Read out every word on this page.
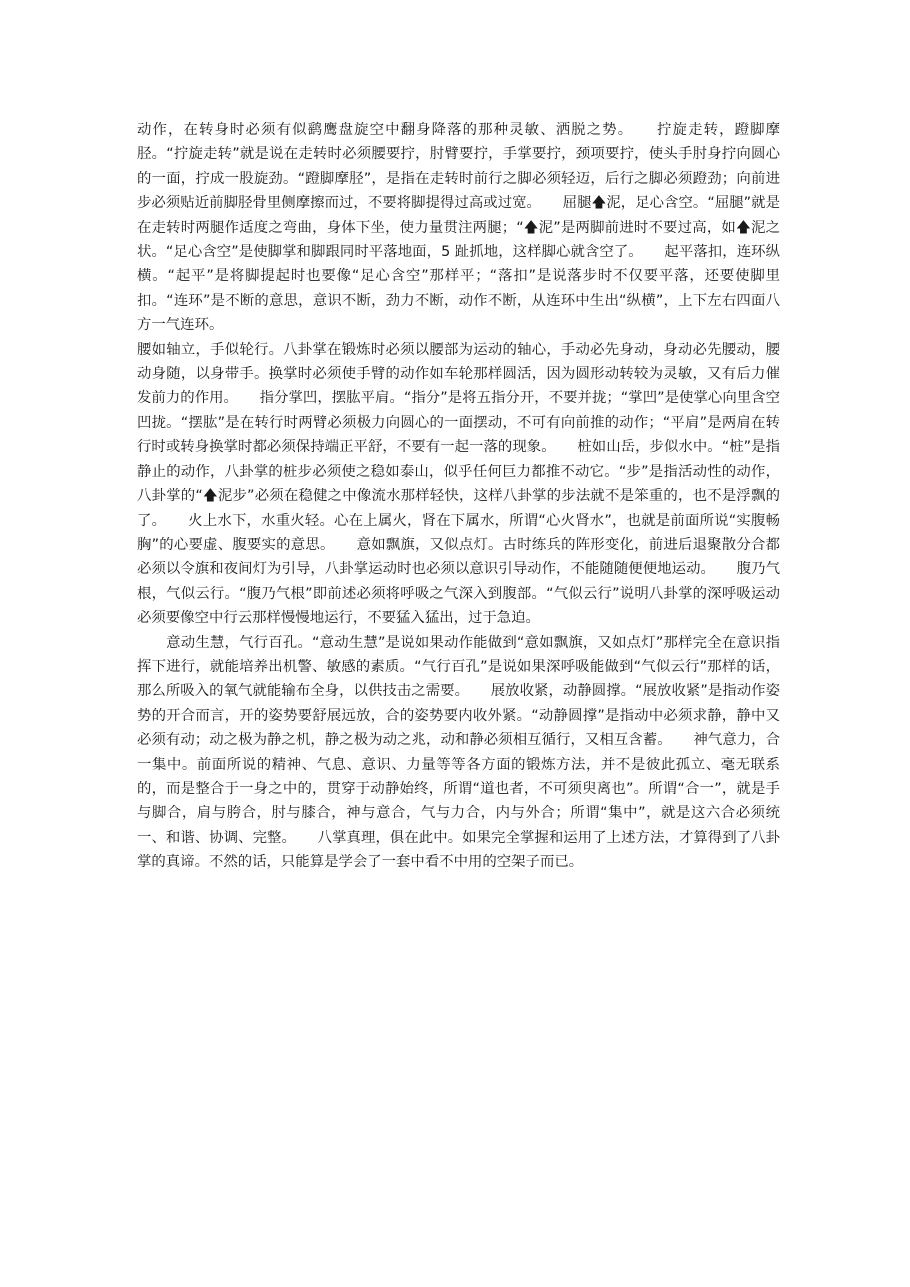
动作，在转身时必须有似鹞鹰盘旋空中翻身降落的那种灵敏、洒脱之势。　　拧旋走转，蹬脚摩胫。“拧旋走转”就是说在走转时必须腰要拧，肘臂要拧，手掌要拧，颈项要拧，使头手肘身拧向圆心的一面，拧成一股旋劲。“蹬脚摩胫”，是指在走转时前行之脚必须轻迈，后行之脚必须蹬劲；向前进步必须贴近前脚胫骨里侧摩擦而过，不要将脚提得过高或过宽。　　屈腿🡅泥，足心含空。“屈腿”就是在走转时两腿作适度之弯曲，身体下坐，使力量贯注两腿；“🡅泥”是两脚前进时不要过高，如🡅泥之状。“足心含空”是使脚掌和脚跟同时平落地面，5 趾抓地，这样脚心就含空了。　　起平落扣，连环纵横。“起平”是将脚提起时也要像“足心含空”那样平；“落扣”是说落步时不仅要平落，还要使脚里扣。“连环”是不断的意思，意识不断，劲力不断，动作不断，从连环中生出“纵横”，上下左右四面八方一气连环。

腰如轴立，手似轮行。八卦掌在锻炼时必须以腰部为运动的轴心，手动必先身动，身动必先腰动，腰动身随，以身带手。换掌时必须使手臂的动作如车轮那样圆活，因为圆形动转较为灵敏，又有后力催发前力的作用。　　指分掌凹，摆肱平肩。“指分”是将五指分开，不要并拢；“掌凹”是使掌心向里含空凹拢。“摆肱”是在转行时两臂必须极力向圆心的一面摆动，不可有向前推的动作；“平肩”是两肩在转行时或转身换掌时都必须保持端正平舒，不要有一起一落的现象。　　桩如山岳，步似水中。“桩”是指静止的动作，八卦掌的桩步必须使之稳如泰山，似乎任何巨力都推不动它。“步”是指活动性的动作，八卦掌的“🡅泥步”必须在稳健之中像流水那样轻快，这样八卦掌的步法就不是笨重的，也不是浮飘的了。　　火上水下，水重火轻。心在上属火，肾在下属水，所谓“心火肾水”，也就是前面所说“实腹畅胸”的心要虚、腹要实的意思。　　意如飘旗，又似点灯。古时练兵的阵形变化，前进后退聚散分合都必须以令旗和夜间灯为引导，八卦掌运动时也必须以意识引导动作，不能随随便便地运动。　　腹乃气根，气似云行。“腹乃气根”即前述必须将呼吸之气深入到腹部。“气似云行”说明八卦掌的深呼吸运动必须要像空中行云那样慢慢地运行，不要猛入猛出，过于急迫。

　　意动生慧，气行百孔。“意动生慧”是说如果动作能做到“意如飘旗，又如点灯”那样完全在意识指挥下进行，就能培养出机警、敏感的素质。“气行百孔”是说如果深呼吸能做到“气似云行”那样的话，那么所吸入的氧气就能输布全身，以供技击之需要。　　展放收紧，动静圆撑。“展放收紧”是指动作姿势的开合而言，开的姿势要舒展远放，合的姿势要内收外紧。“动静圆撑”是指动中必须求静，静中又必须有动；动之极为静之机，静之极为动之兆，动和静必须相互循行，又相互含蓄。　　神气意力，合一集中。前面所说的精神、气息、意识、力量等等各方面的锻炼方法，并不是彼此孤立、毫无联系的，而是整合于一身之中的，贯穿于动静始终，所谓“道也者，不可须臾离也”。所谓“合一”，就是手与脚合，肩与胯合，肘与膝合，神与意合，气与力合，内与外合；所谓“集中”，就是这六合必须统一、和谐、协调、完整。　　八掌真理，俱在此中。如果完全掌握和运用了上述方法，才算得到了八卦掌的真谛。不然的话，只能算是学会了一套中看不中用的空架子而已。
